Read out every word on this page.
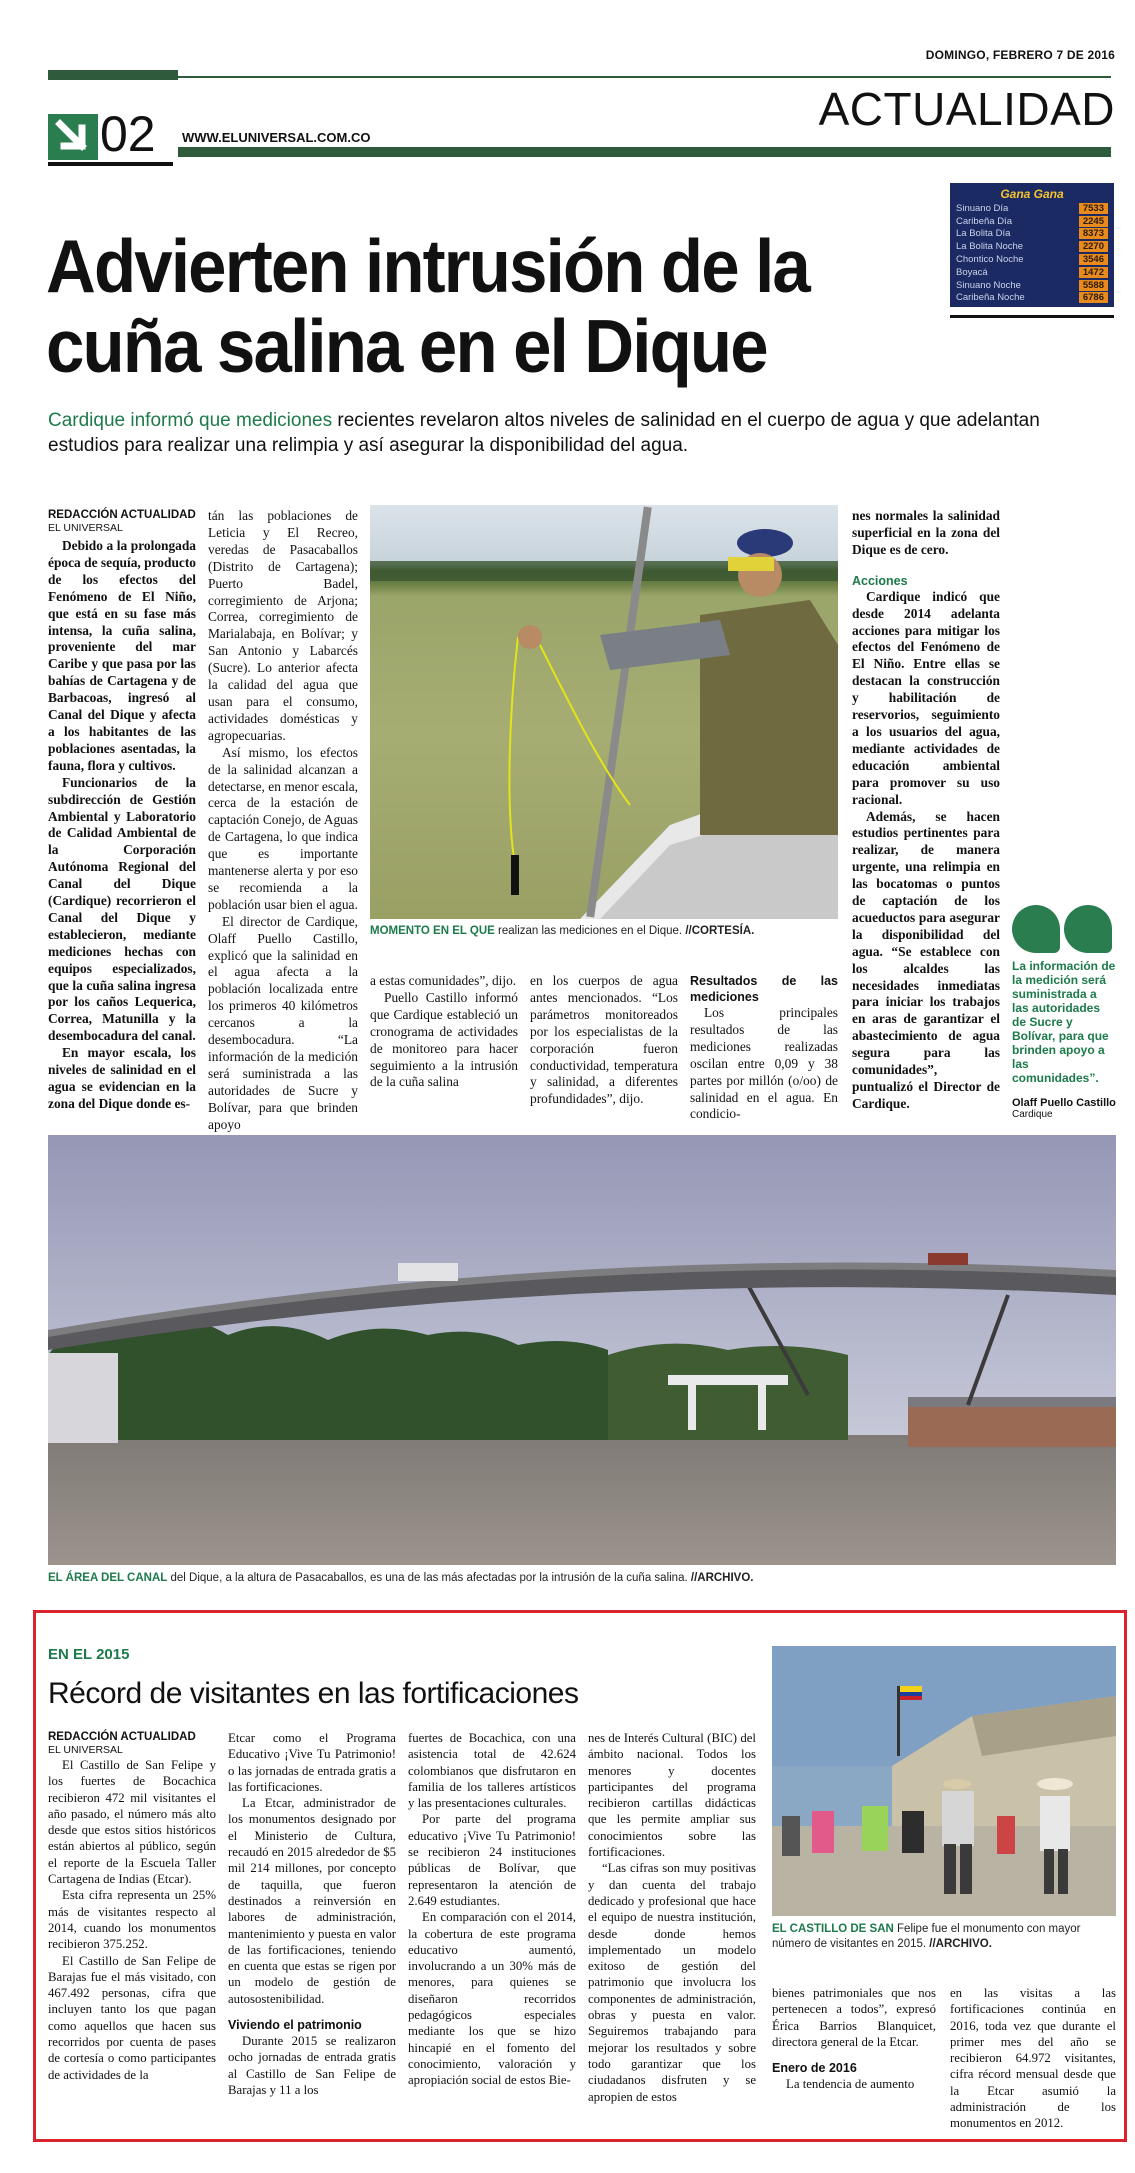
DOMINGO, FEBRERO 7 DE 2016
ACTUALIDAD
02 WWW.ELUNIVERSAL.COM.CO
Gana Gana
Sinuano Día	7533
Caribeña Día	2245
La Bolita Día	8373
La Bolita Noche	2270
Chontico Noche	3546
Boyacá	1472
Sinuano Noche	5588
Caribeña Noche	6786
Advierten intrusión de la
cuña salina en el Dique
Cardique informó que mediciones recientes revelaron altos niveles de salinidad en el cuerpo de agua y que adelantan estudios para realizar una relimpia y así asegurar la disponibilidad del agua.

REDACCIÓN ACTUALIDAD

EL UNIVERSAL

Debido a la prolongada época de sequía, producto de los efectos del Fenómeno de El Niño, que está en su fase más intensa, la cuña salina, proveniente del mar Caribe y que pasa por las bahías de Cartagena y de Barbacoas, ingresó al Canal del Dique y afecta a los habitantes de las poblaciones asentadas, la fauna, flora y cultivos.

Funcionarios de la subdirección de Gestión Ambiental y Laboratorio de Calidad Ambiental de la Corporación Autónoma Regional del Canal del Dique (Cardique) recorrieron el Canal del Dique y establecieron, mediante mediciones hechas con equipos especializados, que la cuña salina ingresa por los caños Lequerica, Correa, Matunilla y la desembocadura del canal.

En mayor escala, los niveles de salinidad en el agua se evidencian en la zona del Dique donde es-

tán las poblaciones de Leticia y El Recreo, veredas de Pasacaballos (Distrito de Cartagena); Puerto Badel, corregimiento de Arjona; Correa, corregimiento de Marialabaja, en Bolívar; y San Antonio y Labarcés (Sucre). Lo anterior afecta la calidad del agua que usan para el consumo, actividades domésticas y agropecuarias.

Así mismo, los efectos de la salinidad alcanzan a detectarse, en menor escala, cerca de la estación de captación Conejo, de Aguas de Cartagena, lo que indica que es importante mantenerse alerta y por eso se recomienda a la población usar bien el agua.

El director de Cardique, Olaff Puello Castillo, explicó que la salinidad en el agua afecta a la población localizada entre los primeros 40 kilómetros cercanos a la desembocadura. “La información de la medición será suministrada a las autoridades de Sucre y Bolívar, para que brinden apoyo

MOMENTO EN EL QUE realizan las mediciones en el Dique. //CORTESÍA.

a estas comunidades”, dijo.

Puello Castillo informó que Cardique estableció un cronograma de actividades de monitoreo para hacer seguimiento a la intrusión de la cuña salina

en los cuerpos de agua antes mencionados. “Los parámetros monitoreados por los especialistas de la corporación fueron conductividad, temperatura y salinidad, a diferentes profundidades”, dijo.

Resultados de las mediciones

Los principales resultados de las mediciones realizadas oscilan entre 0,09 y 38 partes por millón (o/oo) de salinidad en el agua. En condicio-

nes normales la salinidad superficial en la zona del Dique es de cero.

Acciones

Cardique indicó que desde 2014 adelanta acciones para mitigar los efectos del Fenómeno de El Niño. Entre ellas se destacan la construcción y habilitación de reservorios, seguimiento a los usuarios del agua, mediante actividades de educación ambiental para promover su uso racional.

Además, se hacen estudios pertinentes para realizar, de manera urgente, una relimpia en las bocatomas o puntos de captación de los acueductos para asegurar la disponibilidad del agua. “Se establece con los alcaldes las necesidades inmediatas para iniciar los trabajos en aras de garantizar el abastecimiento de agua segura para las comunidades”, puntualizó el Director de Cardique.

La información de la medición será suministrada a las autoridades de Sucre y Bolívar, para que brinden apoyo a las comunidades”.
Olaff Puello Castillo
Cardique
EL ÁREA DEL CANAL del Dique, a la altura de Pasacaballos, es una de las más afectadas por la intrusión de la cuña salina. //ARCHIVO.
EN EL 2015
Récord de visitantes en las fortificaciones

REDACCIÓN ACTUALIDAD

EL UNIVERSAL

El Castillo de San Felipe y los fuertes de Bocachica recibieron 472 mil visitantes el año pasado, el número más alto desde que estos sitios históricos están abiertos al público, según el reporte de la Escuela Taller Cartagena de Indias (Etcar).

Esta cifra representa un 25% más de visitantes respecto al 2014, cuando los monumentos recibieron 375.252.

El Castillo de San Felipe de Barajas fue el más visitado, con 467.492 personas, cifra que incluyen tanto los que pagan como aquellos que hacen sus recorridos por cuenta de pases de cortesía o como participantes de actividades de la

Etcar como el Programa Educativo ¡Vive Tu Patrimonio! o las jornadas de entrada gratis a las fortificaciones.

La Etcar, administrador de los monumentos designado por el Ministerio de Cultura, recaudó en 2015 alrededor de $5 mil 214 millones, por concepto de taquilla, que fueron destinados a reinversión en labores de administración, mantenimiento y puesta en valor de las fortificaciones, teniendo en cuenta que estas se rigen por un modelo de gestión de autosostenibilidad.

Viviendo el patrimonio

Durante 2015 se realizaron ocho jornadas de entrada gratis al Castillo de San Felipe de Barajas y 11 a los

fuertes de Bocachica, con una asistencia total de 42.624 colombianos que disfrutaron en familia de los talleres artísticos y las presentaciones culturales.

Por parte del programa educativo ¡Vive Tu Patrimonio! se recibieron 24 instituciones públicas de Bolívar, que representaron la atención de 2.649 estudiantes.

En comparación con el 2014, la cobertura de este programa educativo aumentó, involucrando a un 30% más de menores, para quienes se diseñaron recorridos pedagógicos especiales mediante los que se hizo hincapié en el fomento del conocimiento, valoración y apropiación social de estos Bie-

nes de Interés Cultural (BIC) del ámbito nacional. Todos los menores y docentes participantes del programa recibieron cartillas didácticas que les permite ampliar sus conocimientos sobre las fortificaciones.

“Las cifras son muy positivas y dan cuenta del trabajo dedicado y profesional que hace el equipo de nuestra institución, desde donde hemos implementado un modelo exitoso de gestión del patrimonio que involucra los componentes de administración, obras y puesta en valor. Seguiremos trabajando para mejorar los resultados y sobre todo garantizar que los ciudadanos disfruten y se apropien de estos

EL CASTILLO DE SAN Felipe fue el monumento con mayor número de visitantes en 2015. //ARCHIVO.

bienes patrimoniales que nos pertenecen a todos”, expresó Érica Barrios Blanquicet, directora general de la Etcar.

Enero de 2016

La tendencia de aumento

en las visitas a las fortificaciones continúa en 2016, toda vez que durante el primer mes del año se recibieron 64.972 visitantes, cifra récord mensual desde que la Etcar asumió la administración de los monumentos en 2012.
